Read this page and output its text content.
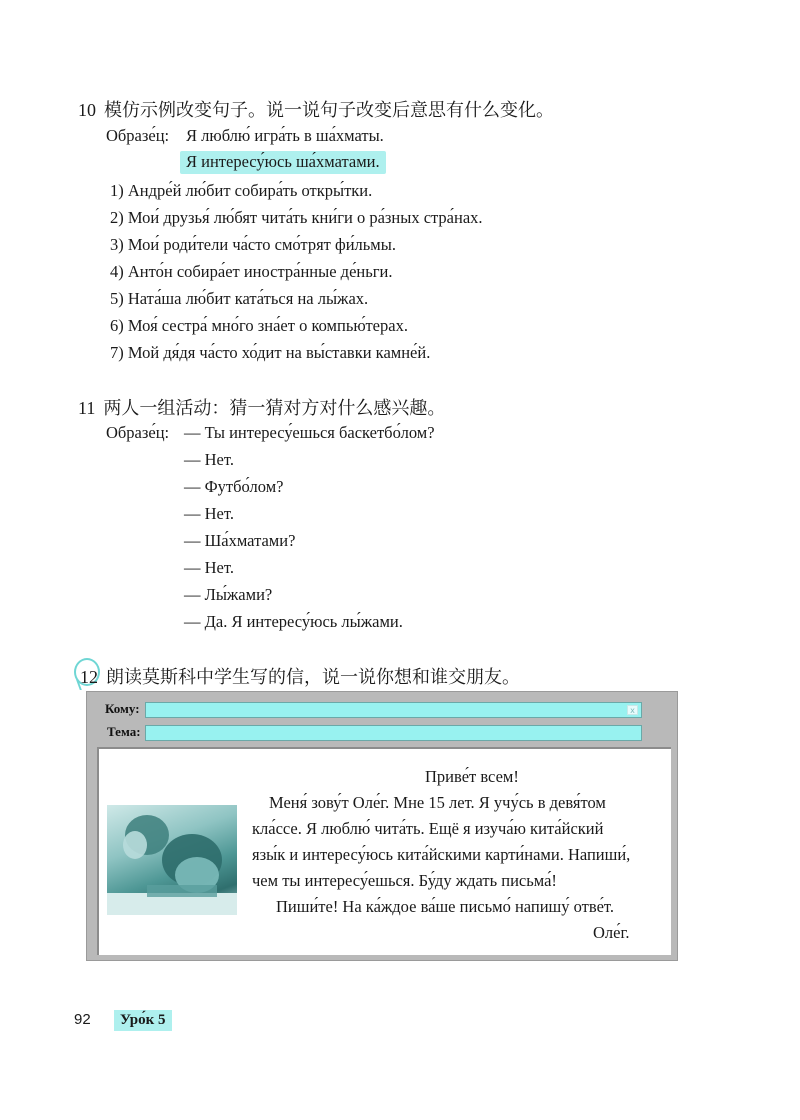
10 模仿示例改变句子。说一说句子改变后意思有什么变化。
Образе́ц: Я люблю́ игра́ть в ша́хматы.
Я интересу́юсь ша́хматами.
1) Андре́й лю́бит собира́ть откры́тки.
2) Мои́ друзья́ лю́бят чита́ть кни́ги о ра́зных стра́нах.
3) Мои́ роди́тели ча́сто смо́трят фи́льмы.
4) Анто́н собира́ет иностра́нные де́ньги.
5) Ната́ша лю́бит ката́ться на лы́жах.
6) Моя́ сестра́ мно́го зна́ет о компью́терах.
7) Мой дя́дя ча́сто хо́дит на вы́ставки камне́й.
11 两人一组活动：猜一猜对方对什么感兴趣。
Образе́ц: — Ты интересу́ешься баскетбо́лом?
— Нет.
— Футбо́лом?
— Нет.
— Ша́хматами?
— Нет.
— Лы́жами?
— Да. Я интересу́юсь лы́жами.
12 朗读莫斯科中学生写的信，说一说你想和谁交朋友。
Кому:	x
Тема:
Приве́т всем!
Меня́ зову́т Оле́г. Мне 15 лет. Я учу́сь в девя́том
кла́ссе. Я люблю́ чита́ть. Ещё я изуча́ю кита́йский
язы́к и интересу́юсь кита́йскими карти́нами. Напиши́,
чем ты интересу́ешься. Бу́ду ждать письма́!
Пиши́те! На ка́ждое ва́ше письмо́ напишу́ отве́т.
Оле́г.
92	Уро́к 5
